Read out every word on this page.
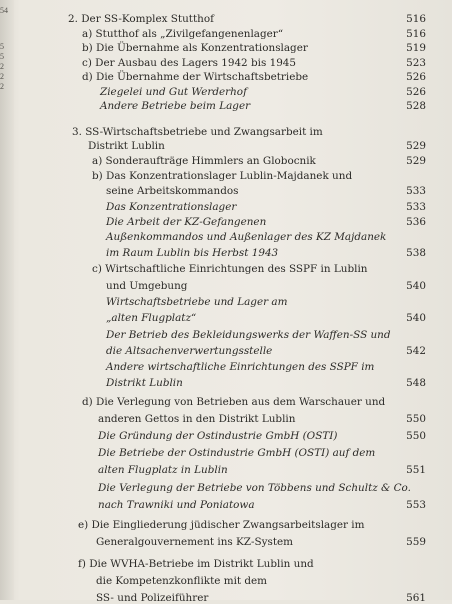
54
5
5
2
2
2
2. Der SS-Komplex Stutthof	516
a) Stutthof als „Zivilgefangenenlager“	516
b) Die Übernahme als Konzentrationslager	519
c) Der Ausbau des Lagers 1942 bis 1945	523
d) Die Übernahme der Wirtschaftsbetriebe	526
Ziegelei und Gut Werderhof	526
Andere Betriebe beim Lager	528
3. SS-Wirtschaftsbetriebe und Zwangsarbeit im
Distrikt Lublin	529
a) Sonderaufträge Himmlers an Globocnik	529
b) Das Konzentrationslager Lublin-Majdanek und
seine Arbeitskommandos	533
Das Konzentrationslager	533
Die Arbeit der KZ-Gefangenen	536
Außenkommandos und Außenlager des KZ Majdanek
im Raum Lublin bis Herbst 1943	538
c) Wirtschaftliche Einrichtungen des SSPF in Lublin
und Umgebung	540
Wirtschaftsbetriebe und Lager am
„alten Flugplatz“	540
Der Betrieb des Bekleidungswerks der Waffen-SS und
die Altsachenverwertungsstelle	542
Andere wirtschaftliche Einrichtungen des SSPF im
Distrikt Lublin	548
d) Die Verlegung von Betrieben aus dem Warschauer und
anderen Gettos in den Distrikt Lublin	550
Die Gründung der Ostindustrie GmbH (OSTI)	550
Die Betriebe der Ostindustrie GmbH (OSTI) auf dem
alten Flugplatz in Lublin	551
Die Verlegung der Betriebe von Többens und Schultz & Co.
nach Trawniki und Poniatowa	553
e) Die Eingliederung jüdischer Zwangsarbeitslager im
Generalgouvernement ins KZ-System	559
f) Die WVHA-Betriebe im Distrikt Lublin und
die Kompetenzkonflikte mit dem
SS- und Polizeiführer	561
